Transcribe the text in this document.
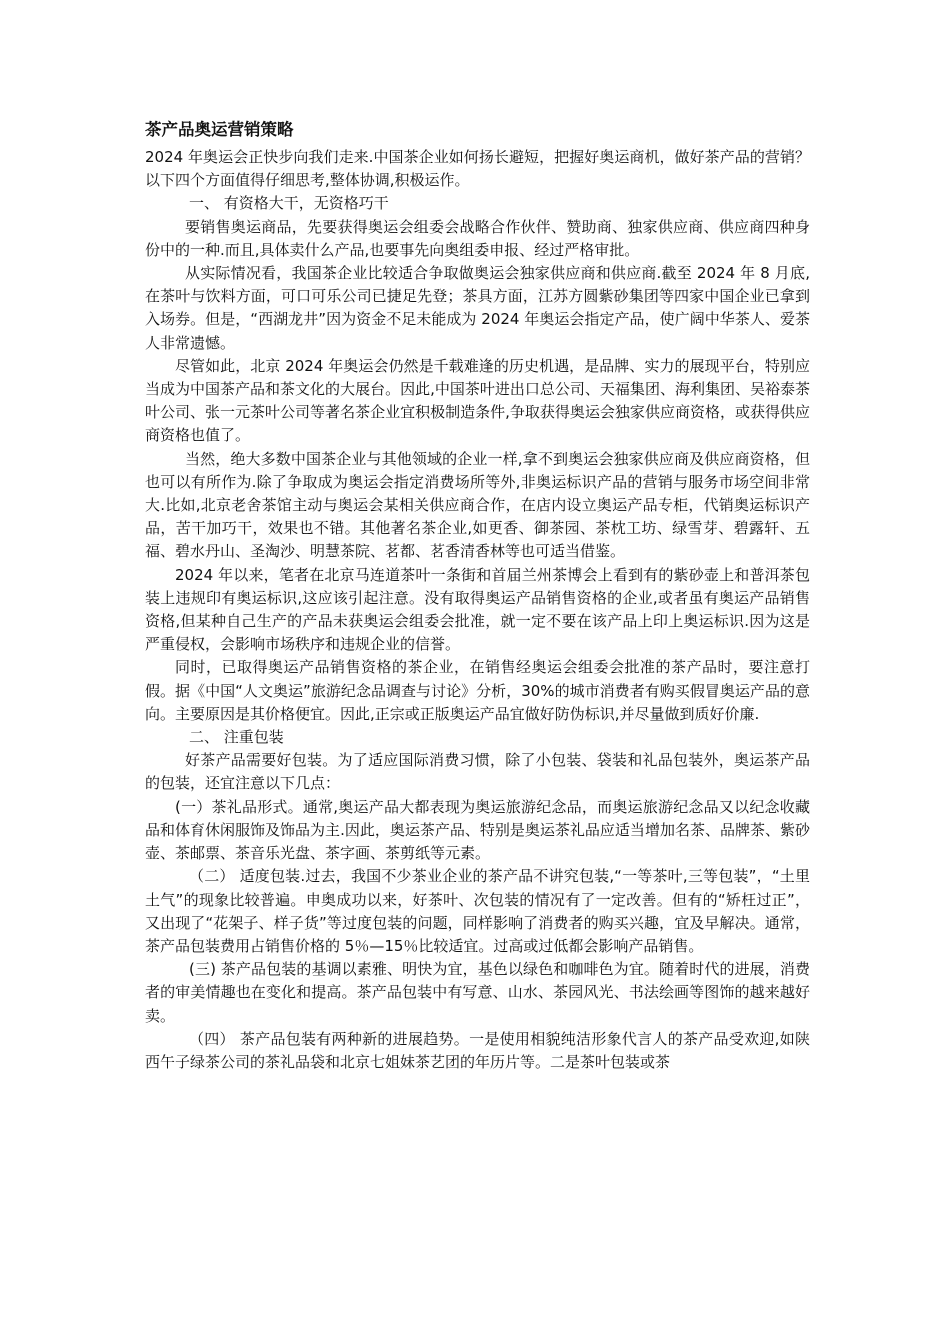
茶产品奥运营销策略

2024 年奥运会正快步向我们走来.中国茶企业如何扬长避短，把握好奥运商机，做好茶产品的营销？以下四个方面值得仔细思考,整体协调,积极运作。

一、 有资格大干，无资格巧干

要销售奥运商品，先要获得奥运会组委会战略合作伙伴、赞助商、独家供应商、供应商四种身份中的一种.而且,具体卖什么产品,也要事先向奥组委申报、经过严格审批。

从实际情况看，我国茶企业比较适合争取做奥运会独家供应商和供应商.截至 2024 年 8 月底,在茶叶与饮料方面，可口可乐公司已捷足先登；茶具方面，江苏方圆紫砂集团等四家中国企业已拿到入场券。但是，“西湖龙井”因为资金不足未能成为 2024 年奥运会指定产品，使广阔中华茶人、爱茶人非常遗憾。

尽管如此，北京 2024 年奥运会仍然是千载难逢的历史机遇，是品牌、实力的展现平台，特别应当成为中国茶产品和茶文化的大展台。因此,中国茶叶进出口总公司、天福集团、海利集团、吴裕泰茶叶公司、张一元茶叶公司等著名茶企业宜积极制造条件,争取获得奥运会独家供应商资格，或获得供应商资格也值了。

当然，绝大多数中国茶企业与其他领域的企业一样,拿不到奥运会独家供应商及供应商资格，但也可以有所作为.除了争取成为奥运会指定消费场所等外,非奥运标识产品的营销与服务市场空间非常大.比如,北京老舍茶馆主动与奥运会某相关供应商合作，在店内设立奥运产品专柜，代销奥运标识产品，苦干加巧干，效果也不错。其他著名茶企业,如更香、御茶园、茶枕工坊、绿雪芽、碧露轩、五福、碧水丹山、圣淘沙、明慧茶院、茗都、茗香清香林等也可适当借鉴。

2024 年以来，笔者在北京马连道茶叶一条街和首届兰州茶博会上看到有的紫砂壶上和普洱茶包装上违规印有奥运标识,这应该引起注意。没有取得奥运产品销售资格的企业,或者虽有奥运产品销售资格,但某种自己生产的产品未获奥运会组委会批准，就一定不要在该产品上印上奥运标识.因为这是严重侵权，会影响市场秩序和违规企业的信誉。

同时，已取得奥运产品销售资格的茶企业，在销售经奥运会组委会批准的茶产品时，要注意打假。据《中国“人文奥运”旅游纪念品调查与讨论》分析，30%的城市消费者有购买假冒奥运产品的意向。主要原因是其价格便宜。因此,正宗或正版奥运产品宜做好防伪标识,并尽量做到质好价廉.

二、 注重包装

好茶产品需要好包装。为了适应国际消费习惯，除了小包装、袋装和礼品包装外，奥运茶产品的包装，还宜注意以下几点：

(一）茶礼品形式。通常,奥运产品大都表现为奥运旅游纪念品，而奥运旅游纪念品又以纪念收藏品和体育休闲服饰及饰品为主.因此，奥运茶产品、特别是奥运茶礼品应适当增加名茶、品牌茶、紫砂壶、茶邮票、茶音乐光盘、茶字画、茶剪纸等元素。

（二） 适度包装.过去，我国不少茶业企业的茶产品不讲究包装,“一等茶叶,三等包装”，“土里土气”的现象比较普遍。申奥成功以来，好茶叶、次包装的情况有了一定改善。但有的“矫枉过正”，又出现了“花架子、样子货”等过度包装的问题，同样影响了消费者的购买兴趣，宜及早解决。通常，茶产品包装费用占销售价格的 5％—15％比较适宜。过高或过低都会影响产品销售。

(三) 茶产品包装的基调以素雅、明快为宜，基色以绿色和咖啡色为宜。随着时代的进展，消费者的审美情趣也在变化和提高。茶产品包装中有写意、山水、茶园风光、书法绘画等图饰的越来越好卖。

（四） 茶产品包装有两种新的进展趋势。一是使用相貌纯洁形象代言人的茶产品受欢迎,如陕西午子绿茶公司的茶礼品袋和北京七姐妹茶艺团的年历片等。二是茶叶包装或茶
